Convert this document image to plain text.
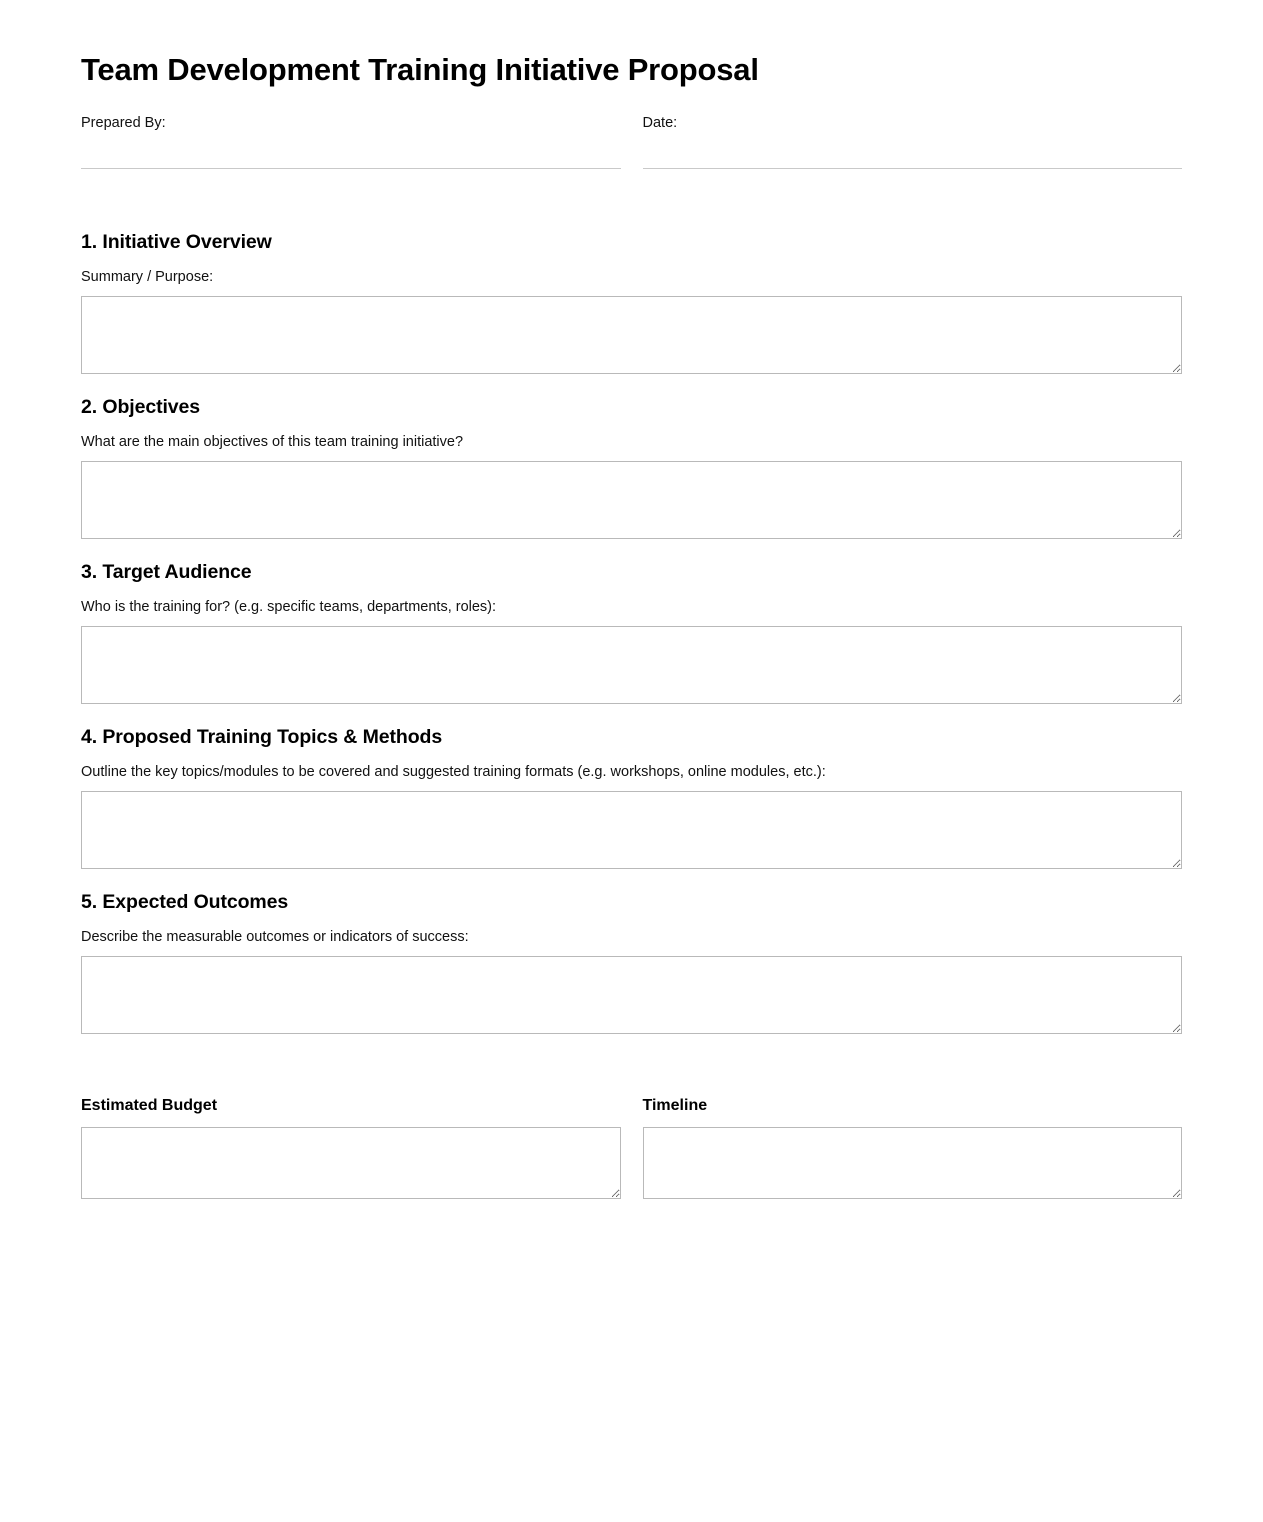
Team Development Training Initiative Proposal
Prepared By:	Date:
1. Initiative Overview
Summary / Purpose:
2. Objectives
What are the main objectives of this team training initiative?
3. Target Audience
Who is the training for? (e.g. specific teams, departments, roles):
4. Proposed Training Topics & Methods
Outline the key topics/modules to be covered and suggested training formats (e.g. workshops, online modules, etc.):
5. Expected Outcomes
Describe the measurable outcomes or indicators of success:
Estimated Budget	Timeline
